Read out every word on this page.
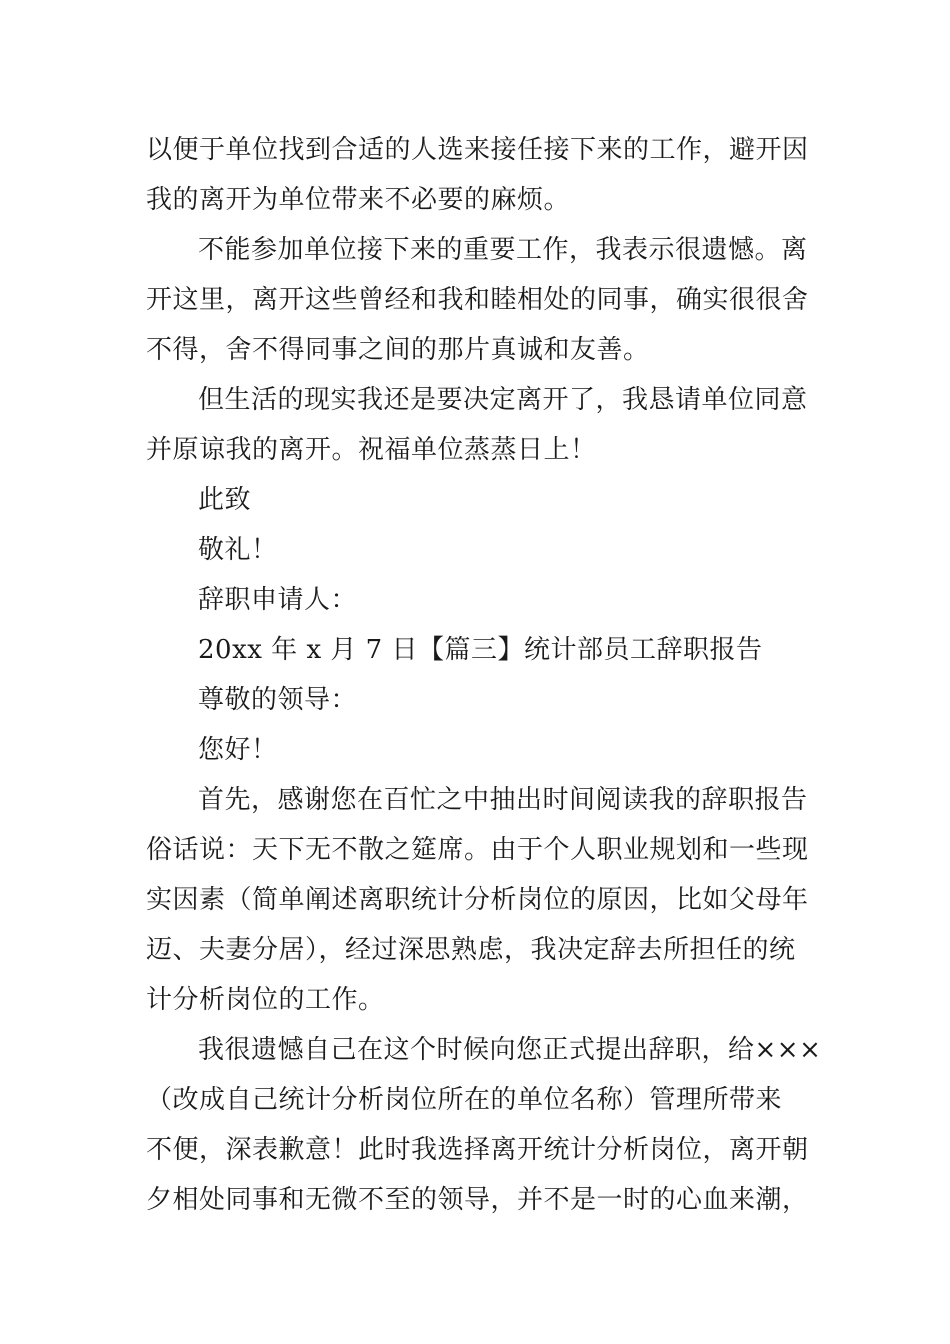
以便于单位找到合适的人选来接任接下来的工作，避开因
我的离开为单位带来不必要的麻烦。
不能参加单位接下来的重要工作，我表示很遗憾。离
开这里，离开这些曾经和我和睦相处的同事，确实很很舍
不得，舍不得同事之间的那片真诚和友善。
但生活的现实我还是要决定离开了，我恳请单位同意
并原谅我的离开。祝福单位蒸蒸日上！
此致
敬礼！
辞职申请人：
20xx 年 x 月 7 日【篇三】统计部员工辞职报告
尊敬的领导：
您好！
首先，感谢您在百忙之中抽出时间阅读我的辞职报告
俗话说：天下无不散之筵席。由于个人职业规划和一些现
实因素（简单阐述离职统计分析岗位的原因，比如父母年
迈、夫妻分居），经过深思熟虑，我决定辞去所担任的统
计分析岗位的工作。
我很遗憾自己在这个时候向您正式提出辞职，给×××
（改成自己统计分析岗位所在的单位名称）管理所带来
不便，深表歉意！此时我选择离开统计分析岗位，离开朝
夕相处同事和无微不至的领导，并不是一时的心血来潮，
